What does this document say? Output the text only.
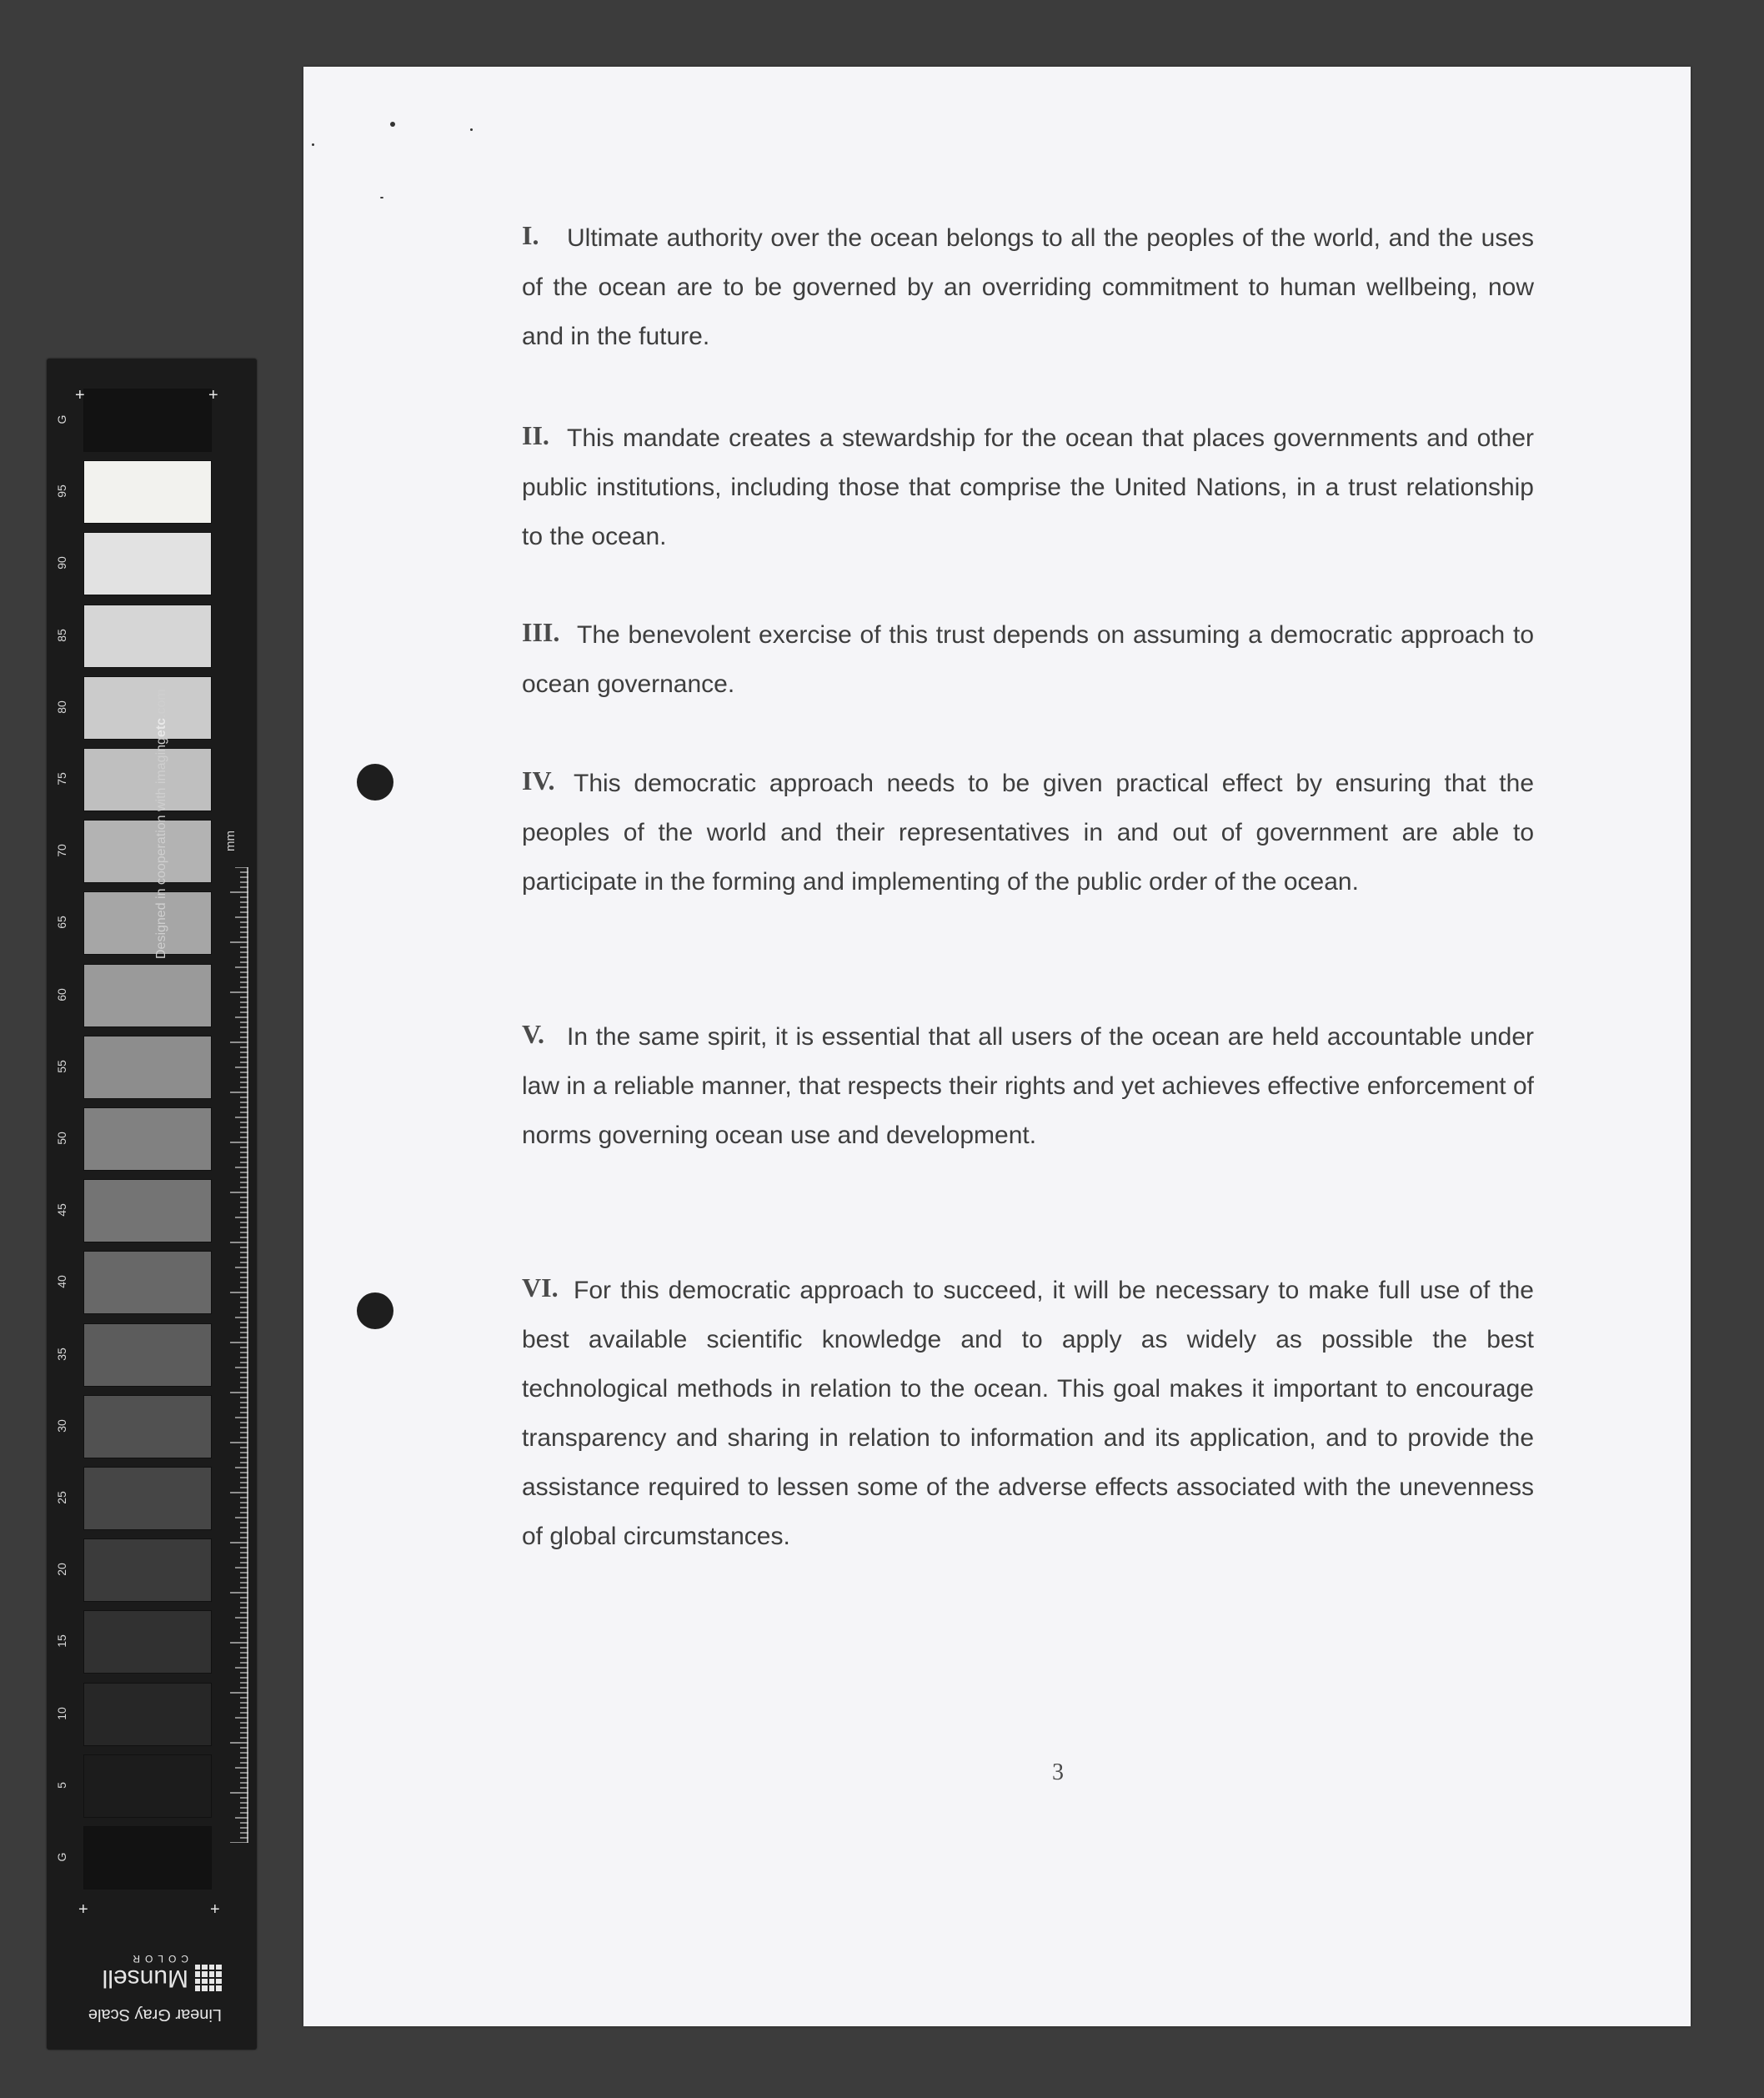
G
95
90
85
80
75
70
65
60
55
50
45
40
35
30
25
20
15
10
5
G
+	+
+	+
Designed in cooperation with imagingetc.com
mm
Linear Gray Scale
Munsell
COLOR
I.	Ultimate authority over the ocean belongs to all the peoples of the world, and the uses of the ocean are to be governed by an overriding commitment to human wellbeing, now and in the future.

II. This mandate creates a stewardship for the ocean that places governments and other public institutions, including those that comprise the United Nations, in a trust relationship to the ocean.

III. The benevolent exercise of this trust depends on assuming a democratic approach to ocean governance.

IV. This democratic approach needs to be given practical effect by ensuring that the peoples of the world and their representatives in and out of government are able to participate in the forming and implementing of the public order of the ocean.

V. In the same spirit, it is essential that all users of the ocean are held accountable under law in a reliable manner, that respects their rights and yet achieves effective enforcement of norms governing ocean use and development.

VI. For this democratic approach to succeed, it will be necessary to make full use of the best available scientific knowledge and to apply as widely as possible the best technological methods in relation to the ocean. This goal makes it important to encourage transparency and sharing in relation to information and its application, and to provide the assistance required to lessen some of the adverse effects associated with the unevenness of global circumstances.

3
